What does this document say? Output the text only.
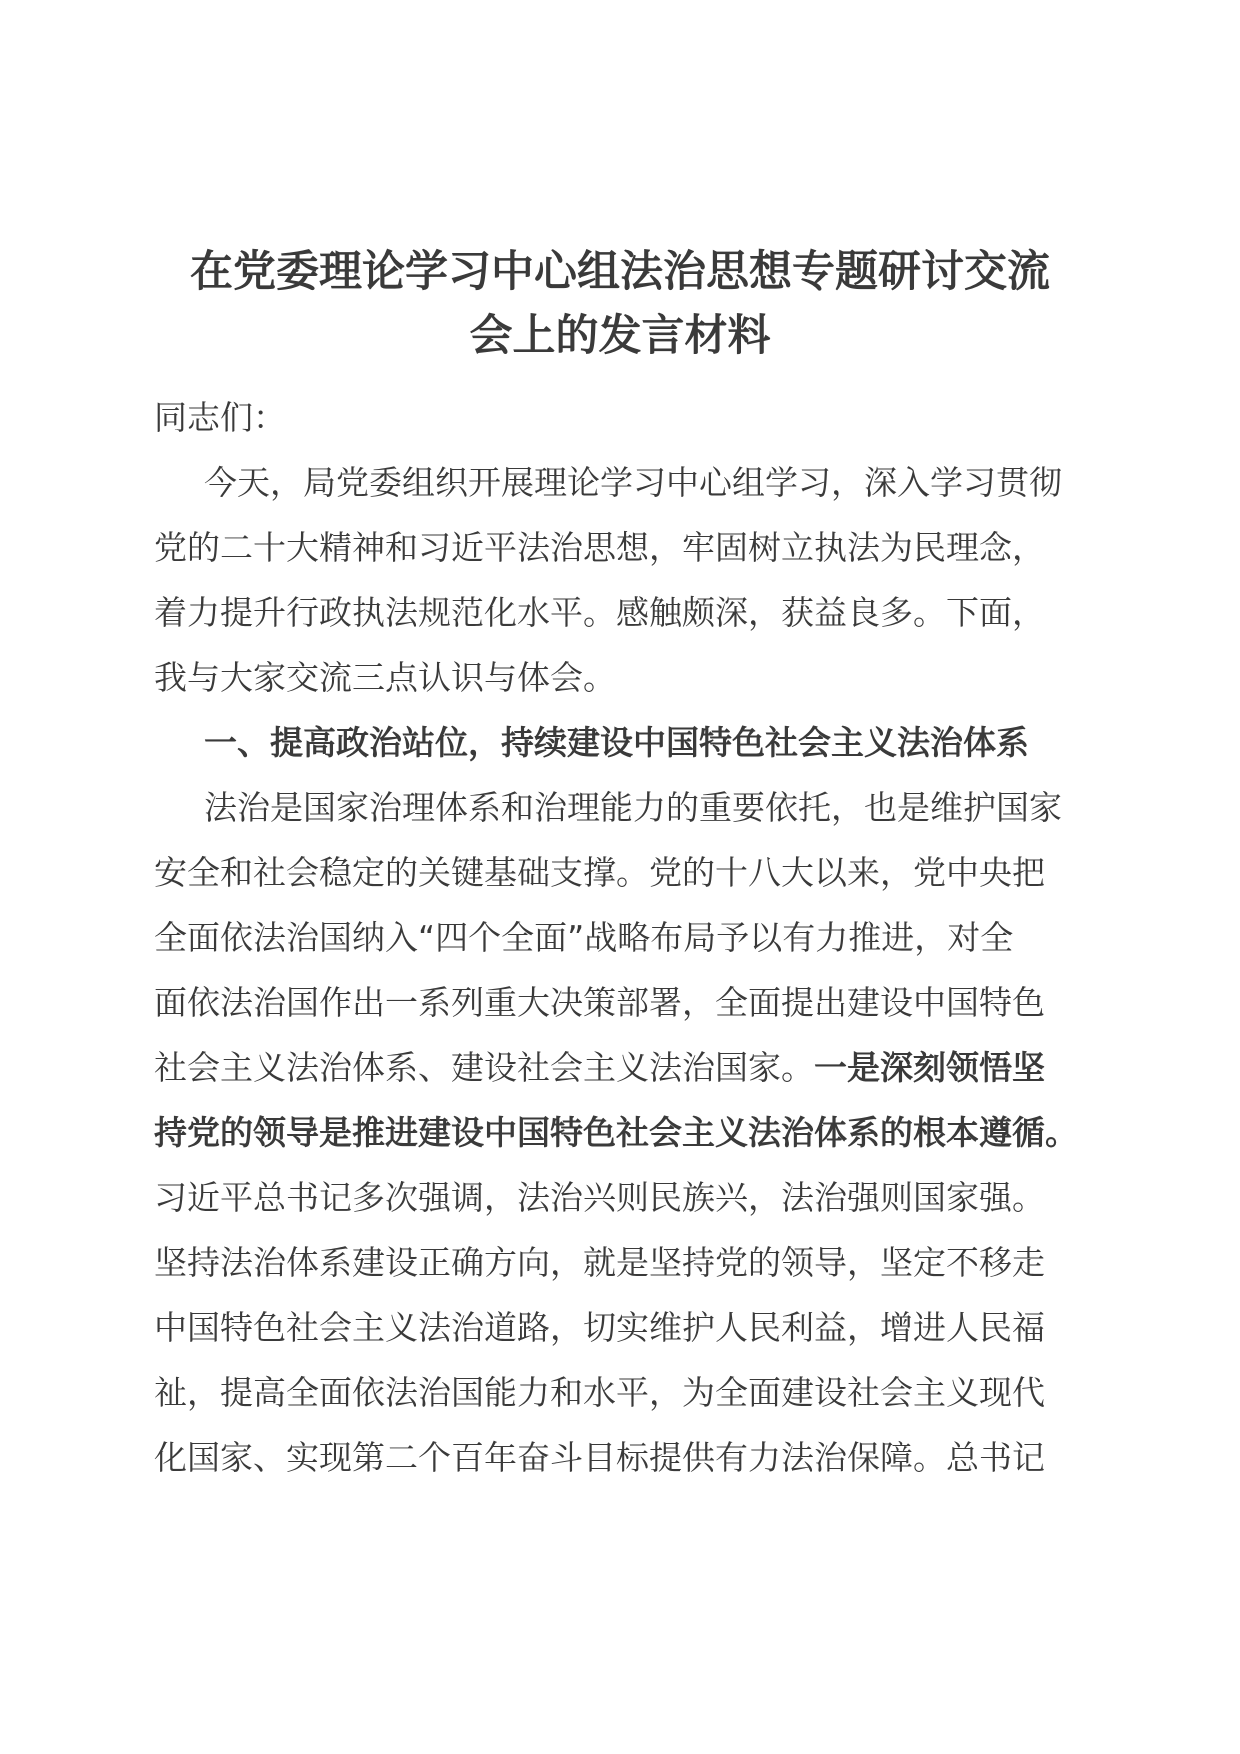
在党委理论学习中心组法治思想专题研讨交流
会上的发言材料

同志们：

今天，局党委组织开展理论学习中心组学习，深入学习贯彻

党的二十大精神和习近平法治思想，牢固树立执法为民理念，

着力提升行政执法规范化水平。感触颇深，获益良多。下面，

我与大家交流三点认识与体会。

一、提高政治站位，持续建设中国特色社会主义法治体系

法治是国家治理体系和治理能力的重要依托，也是维护国家

安全和社会稳定的关键基础支撑。党的十八大以来，党中央把

全面依法治国纳入“四个全面”战略布局予以有力推进，对全

面依法治国作出一系列重大决策部署，全面提出建设中国特色

社会主义法治体系、建设社会主义法治国家。一是深刻领悟坚

持党的领导是推进建设中国特色社会主义法治体系的根本遵循。

习近平总书记多次强调，法治兴则民族兴，法治强则国家强。

坚持法治体系建设正确方向，就是坚持党的领导，坚定不移走

中国特色社会主义法治道路，切实维护人民利益，增进人民福

祉，提高全面依法治国能力和水平，为全面建设社会主义现代

化国家、实现第二个百年奋斗目标提供有力法治保障。总书记
